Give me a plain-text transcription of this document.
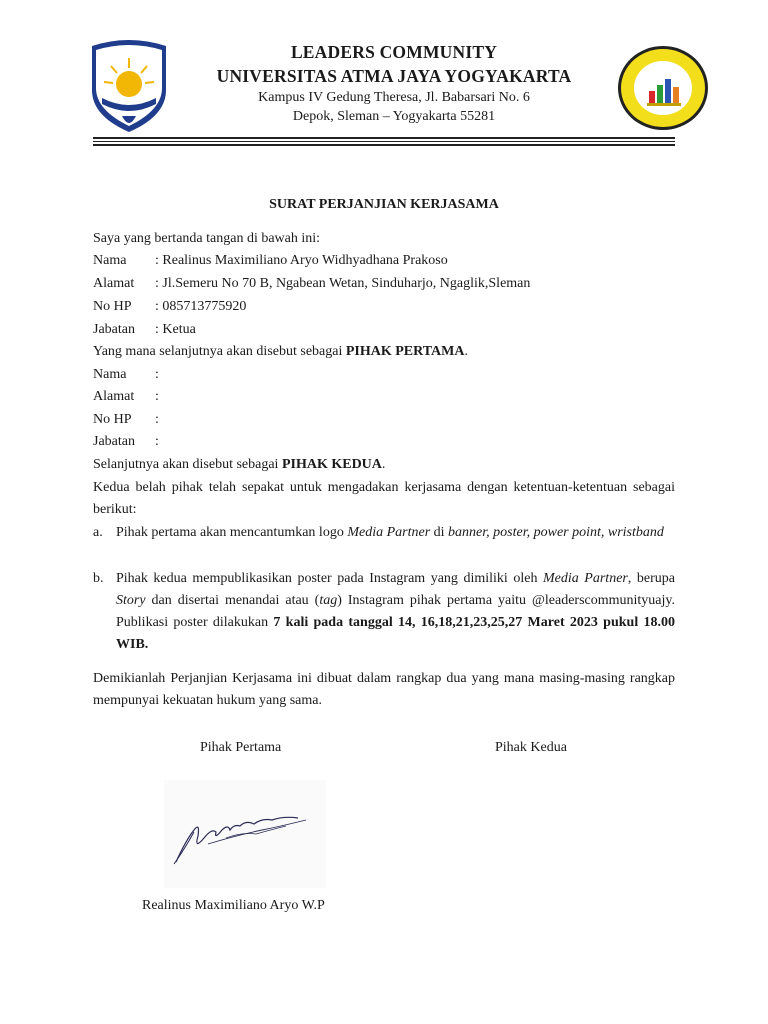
LEADERS COMMUNITY
UNIVERSITAS ATMA JAYA YOGYAKARTA
Kampus IV Gedung Theresa, Jl. Babarsari No. 6
Depok, Sleman – Yogyakarta 55281
SURAT PERJANJIAN KERJASAMA
Saya yang bertanda tangan di bawah ini:
Nama	: Realinus Maximiliano Aryo Widhyadhana Prakoso
Alamat	: Jl.Semeru No 70 B, Ngabean Wetan, Sinduharjo, Ngaglik,Sleman
No HP	: 085713775920
Jabatan	: Ketua
Yang mana selanjutnya akan disebut sebagai PIHAK PERTAMA.
Nama	:
Alamat	:
No HP	:
Jabatan	:
Selanjutnya akan disebut sebagai PIHAK KEDUA.
Kedua belah pihak telah sepakat untuk mengadakan kerjasama dengan ketentuan-ketentuan sebagai berikut:
a. Pihak pertama akan mencantumkan logo Media Partner di banner, poster, power point, wristband
b. Pihak kedua mempublikasikan poster pada Instagram yang dimiliki oleh Media Partner, berupa Story dan disertai menandai atau (tag) Instagram pihak pertama yaitu @leaderscommunityuajy. Publikasi poster dilakukan 7 kali pada tanggal 14, 16,18,21,23,25,27 Maret 2023 pukul 18.00 WIB.
Demikianlah Perjanjian Kerjasama ini dibuat dalam rangkap dua yang mana masing-masing rangkap mempunyai kekuatan hukum yang sama.
Pihak Pertama	Pihak Kedua
Realinus Maximiliano Aryo W.P
